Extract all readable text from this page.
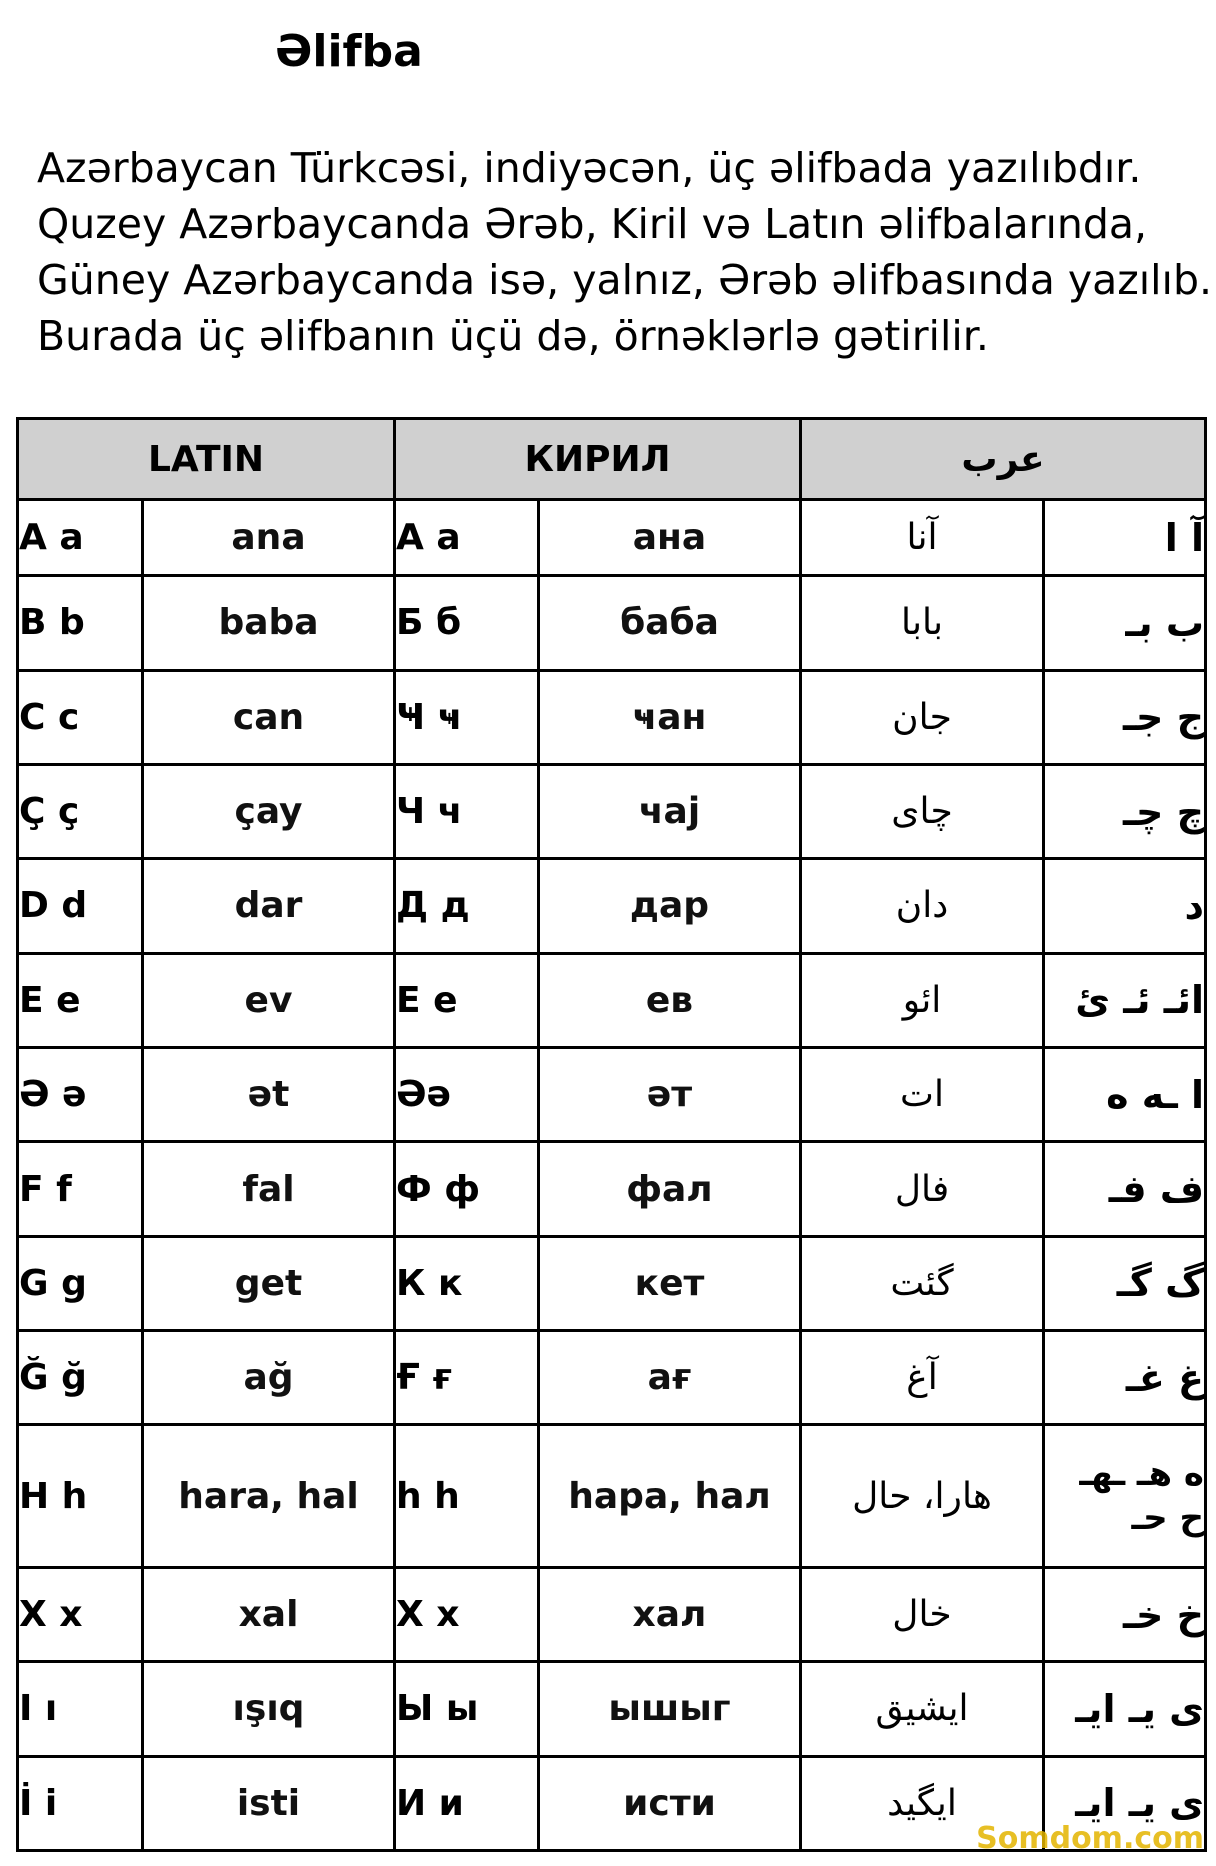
Əlifba
Azərbaycan Türkcəsi, indiyəcən, üç əlifbada yazılıbdır.
Quzey Azərbaycanda Ərəb, Kiril və Latın əlifbalarında,
Güney Azərbaycanda isə, yalnız, Ərəb əlifbasında yazılıb.
Burada üç əlifbanın üçü də, örnəklərlə gətirilir.
LATIN		КИРИЛ		عرب	
A a	ana	А а	ана	آنا	آ ا
B b	baba	Б б	баба	بابا	ب بـ
C c	can	Ҹ ҹ	ҹан	جان	ج جـ
Ç ç	çay	Ч ч	чај	چای	چ چـ
D d	dar	Д д	дар	دان	د
E e	ev	Е е	ев	ائو	ائـ ئـ ئ
Ə ə	ət	Әә	әт	ات	ا ـه ه
F f	fal	Ф ф	фал	فال	ف فـ
G g	get	К к	кет	گئت	گ گـ
Ğ ğ	ağ	Ғ ғ	ағ	آغ	غ غـ
H h	hara, hal	һ һ	һара, һал	هارا، حال	ه هـ ـهـ ح حـ
X x	xal	Х х	хал	خال	خ خـ
I ı	ışıq	Ы ы	ышыг	ایشیق	ی یـ ایـ
İ i	isti	И и	исти	ایگید	ی یـ ایـ
Somdom.com
